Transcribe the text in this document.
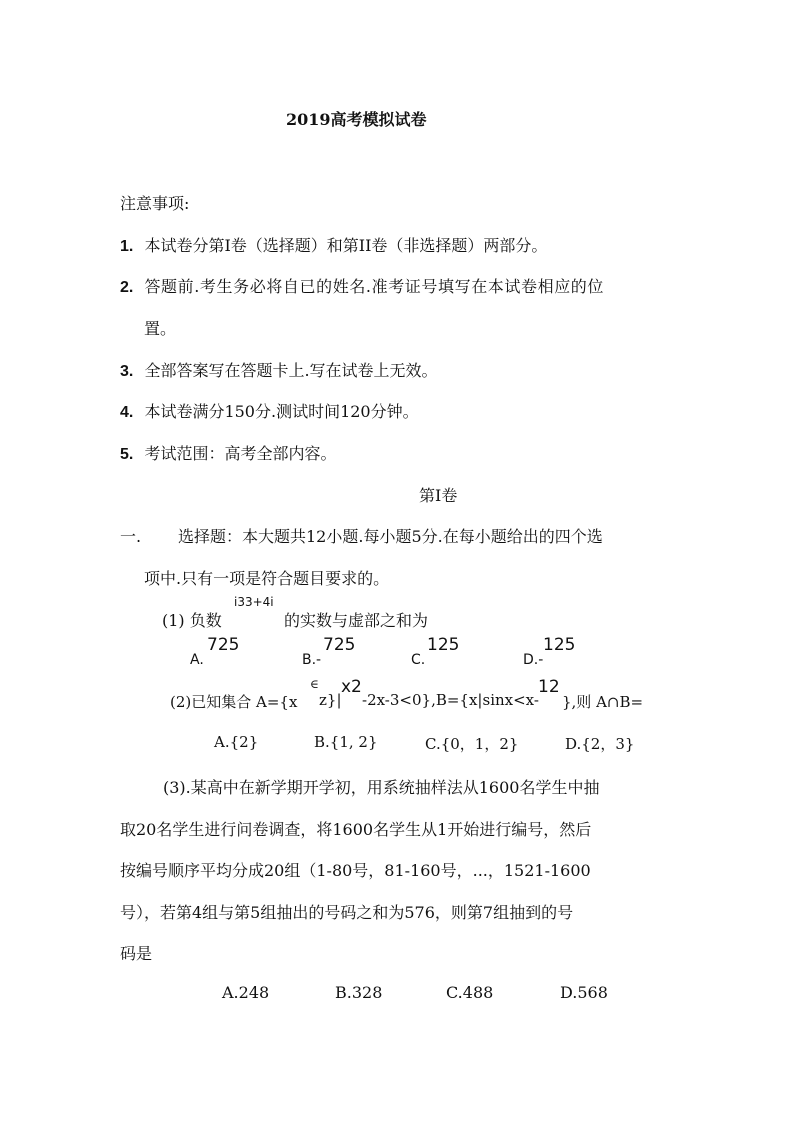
2019高考模拟试卷
注意事项:
1. 本试卷分第Ⅰ卷（选择题）和第II卷（非选择题）两部分。
2. 答题前.考生务必将自已的姓名.准考证号填写在本试卷相应的位
置。
3. 全部答案写在答题卡上.写在试卷上无效。
4. 本试卷满分150分.测试时间120分钟。
5. 考试范围：高考全部内容。
第Ⅰ卷
一. 选择题：本大题共12小题.每小题5分.在每小题给出的四个选
项中.只有一项是符合题目要求的。
(1) 负数
i33+4i
的实数与虚部之和为
A.
725
B.-
725
C.
125
D.-
125
(2)已知集合 A={x
∈
z}|
x2
-2x-3<0},B={x|sinx<x-
12
},则 A∩B=
A.{2}	B.{1, 2}	C.{0，1，2}	D.{2，3}
(3).某高中在新学期开学初，用系统抽样法从1600名学生中抽
取20名学生进行问卷调查，将1600名学生从1开始进行编号，然后
按编号顺序平均分成20组（1-80号，81-160号，...，1521-1600
号），若第4组与第5组抽出的号码之和为576，则第7组抽到的号
码是
A.248	B.328	C.488	D.568
